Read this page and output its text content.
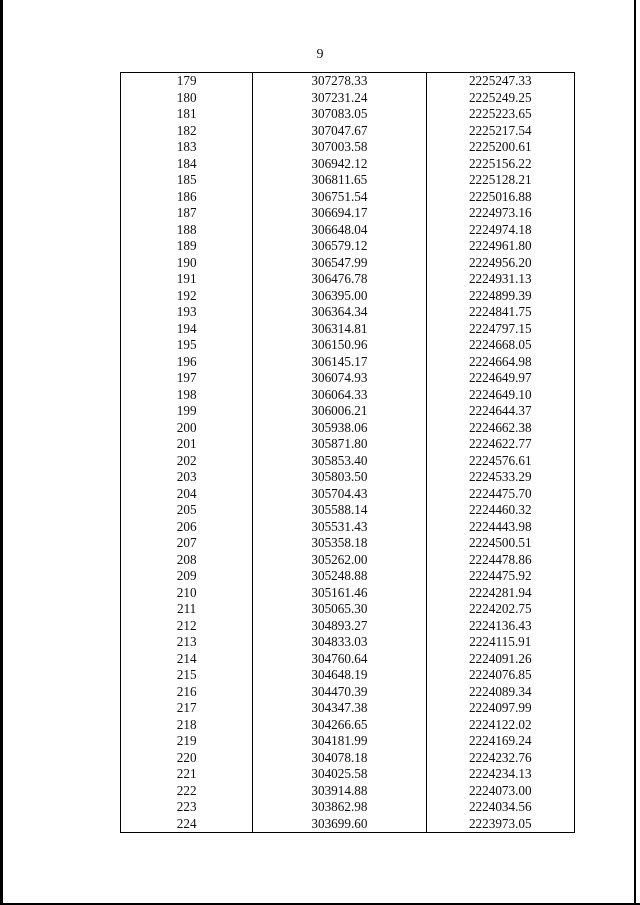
9
179	307278.33	2225247.33
180	307231.24	2225249.25
181	307083.05	2225223.65
182	307047.67	2225217.54
183	307003.58	2225200.61
184	306942.12	2225156.22
185	306811.65	2225128.21
186	306751.54	2225016.88
187	306694.17	2224973.16
188	306648.04	2224974.18
189	306579.12	2224961.80
190	306547.99	2224956.20
191	306476.78	2224931.13
192	306395.00	2224899.39
193	306364.34	2224841.75
194	306314.81	2224797.15
195	306150.96	2224668.05
196	306145.17	2224664.98
197	306074.93	2224649.97
198	306064.33	2224649.10
199	306006.21	2224644.37
200	305938.06	2224662.38
201	305871.80	2224622.77
202	305853.40	2224576.61
203	305803.50	2224533.29
204	305704.43	2224475.70
205	305588.14	2224460.32
206	305531.43	2224443.98
207	305358.18	2224500.51
208	305262.00	2224478.86
209	305248.88	2224475.92
210	305161.46	2224281.94
211	305065.30	2224202.75
212	304893.27	2224136.43
213	304833.03	2224115.91
214	304760.64	2224091.26
215	304648.19	2224076.85
216	304470.39	2224089.34
217	304347.38	2224097.99
218	304266.65	2224122.02
219	304181.99	2224169.24
220	304078.18	2224232.76
221	304025.58	2224234.13
222	303914.88	2224073.00
223	303862.98	2224034.56
224	303699.60	2223973.05
